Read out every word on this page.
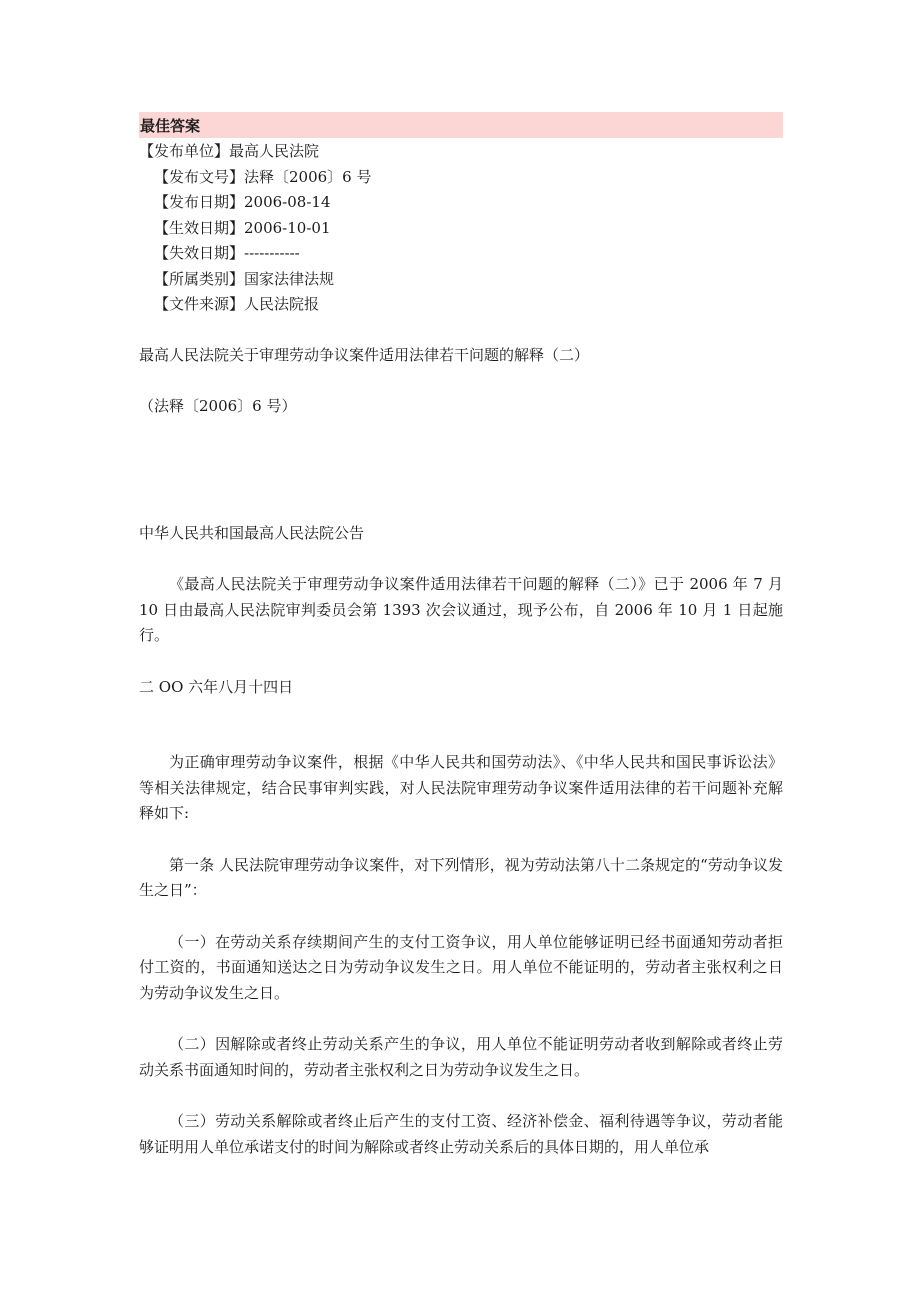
最佳答案
【发布单位】最高人民法院
【发布文号】法释〔2006〕6 号
【发布日期】2006-08-14
【生效日期】2006-10-01
【失效日期】-----------
【所属类别】国家法律法规
【文件来源】人民法院报

最高人民法院关于审理劳动争议案件适用法律若干问题的解释（二）

（法释〔2006〕6 号）

中华人民共和国最高人民法院公告

《最高人民法院关于审理劳动争议案件适用法律若干问题的解释（二）》已于 2006 年 7 月 10 日由最高人民法院审判委员会第 1393 次会议通过，现予公布，自 2006 年 10 月 1 日起施行。

二 OO 六年八月十四日

为正确审理劳动争议案件，根据《中华人民共和国劳动法》、《中华人民共和国民事诉讼法》等相关法律规定，结合民事审判实践，对人民法院审理劳动争议案件适用法律的若干问题补充解释如下:

第一条 人民法院审理劳动争议案件，对下列情形，视为劳动法第八十二条规定的“劳动争议发生之日”：

（一）在劳动关系存续期间产生的支付工资争议，用人单位能够证明已经书面通知劳动者拒付工资的，书面通知送达之日为劳动争议发生之日。用人单位不能证明的，劳动者主张权利之日为劳动争议发生之日。

（二）因解除或者终止劳动关系产生的争议，用人单位不能证明劳动者收到解除或者终止劳动关系书面通知时间的，劳动者主张权利之日为劳动争议发生之日。

（三）劳动关系解除或者终止后产生的支付工资、经济补偿金、福利待遇等争议，劳动者能够证明用人单位承诺支付的时间为解除或者终止劳动关系后的具体日期的，用人单位承
